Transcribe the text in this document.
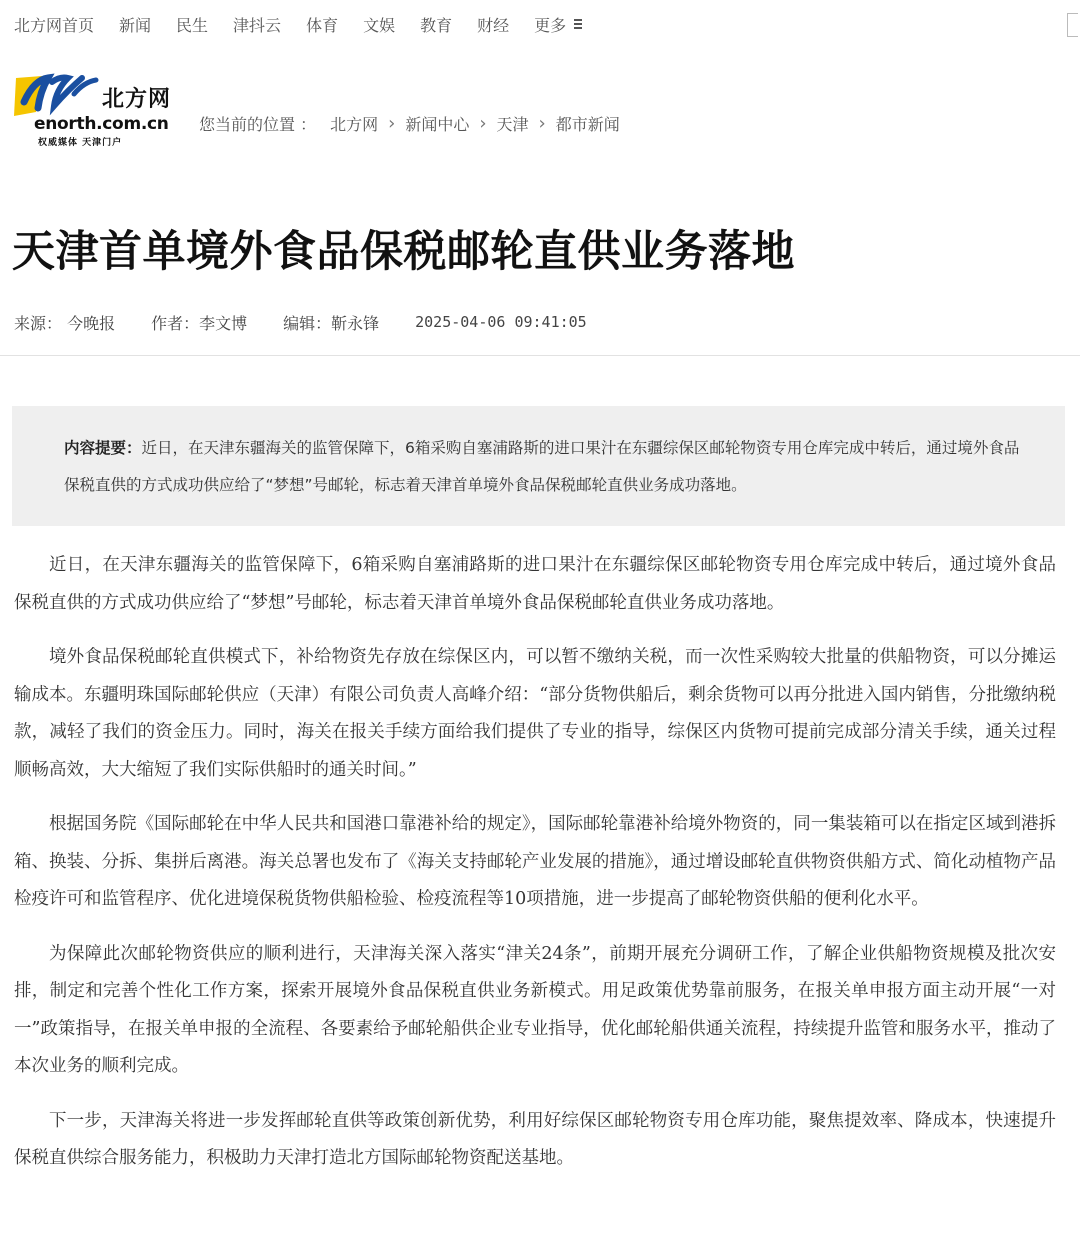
北方网首页 新闻 民生 津抖云 体育 文娱 教育 财经 更多
北方网
enorth.com.cn
权威媒体 天津门户
您当前的位置 ： 北方网 › 新闻中心 › 天津 › 都市新闻
天津首单境外食品保税邮轮直供业务落地
来源： 今晚报 作者：李文博 编辑：靳永锋 2025-04-06 09:41:05
内容提要：近日，在天津东疆海关的监管保障下，6箱采购自塞浦路斯的进口果汁在东疆综保区邮轮物资专用仓库完成中转后，通过境外食品保税直供的方式成功供应给了“梦想”号邮轮，标志着天津首单境外食品保税邮轮直供业务成功落地。

近日，在天津东疆海关的监管保障下，6箱采购自塞浦路斯的进口果汁在东疆综保区邮轮物资专用仓库完成中转后，通过境外食品保税直供的方式成功供应给了“梦想”号邮轮，标志着天津首单境外食品保税邮轮直供业务成功落地。

境外食品保税邮轮直供模式下，补给物资先存放在综保区内，可以暂不缴纳关税，而一次性采购较大批量的供船物资，可以分摊运输成本。东疆明珠国际邮轮供应（天津）有限公司负责人高峰介绍：“部分货物供船后，剩余货物可以再分批进入国内销售，分批缴纳税款，减轻了我们的资金压力。同时，海关在报关手续方面给我们提供了专业的指导，综保区内货物可提前完成部分清关手续，通关过程顺畅高效，大大缩短了我们实际供船时的通关时间。”

根据国务院《国际邮轮在中华人民共和国港口靠港补给的规定》，国际邮轮靠港补给境外物资的，同一集装箱可以在指定区域到港拆箱、换装、分拆、集拼后离港。海关总署也发布了《海关支持邮轮产业发展的措施》，通过增设邮轮直供物资供船方式、简化动植物产品检疫许可和监管程序、优化进境保税货物供船检验、检疫流程等10项措施，进一步提高了邮轮物资供船的便利化水平。

为保障此次邮轮物资供应的顺利进行，天津海关深入落实“津关24条”，前期开展充分调研工作，了解企业供船物资规模及批次安排，制定和完善个性化工作方案，探索开展境外食品保税直供业务新模式。用足政策优势靠前服务，在报关单申报方面主动开展“一对一”政策指导，在报关单申报的全流程、各要素给予邮轮船供企业专业指导，优化邮轮船供通关流程，持续提升监管和服务水平，推动了本次业务的顺利完成。

下一步，天津海关将进一步发挥邮轮直供等政策创新优势，利用好综保区邮轮物资专用仓库功能，聚焦提效率、降成本，快速提升保税直供综合服务能力，积极助力天津打造北方国际邮轮物资配送基地。
